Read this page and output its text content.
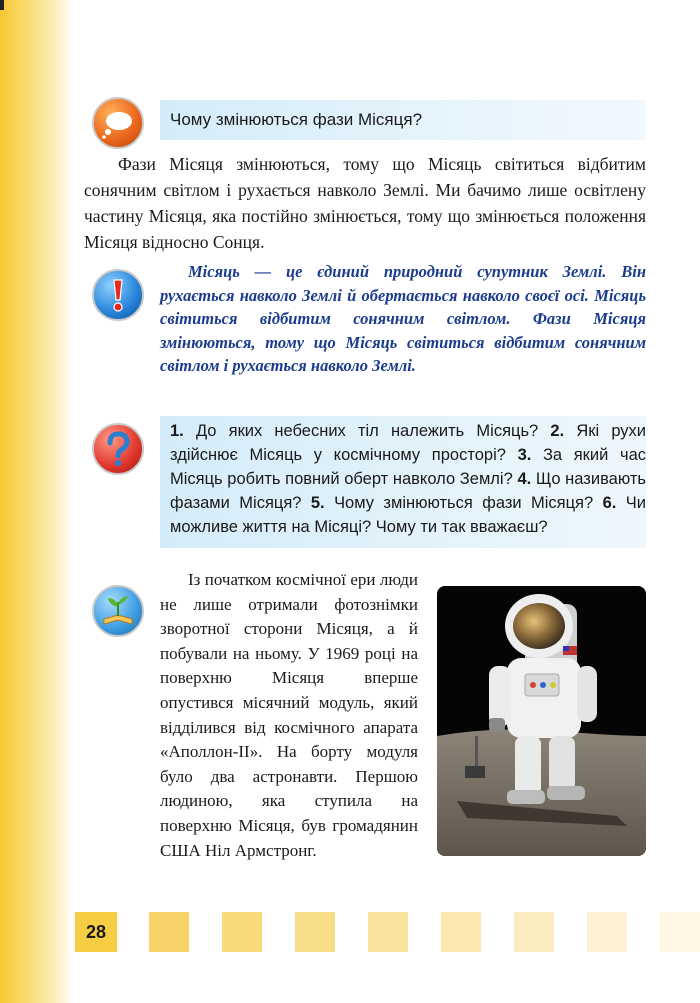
Чому змінюються фази Місяця?
Фази Місяця змінюються, тому що Місяць світиться відбитим сонячним світлом і рухається навколо Землі. Ми бачимо лише освітлену частину Місяця, яка постійно змінюється, тому що змінюється положення Місяця відносно Сонця.
Місяць — це єдиний природний супутник Землі. Він рухається навколо Землі й обертається навколо своєї осі. Місяць світиться відбитим сонячним світлом. Фази Місяця змінюються, тому що Місяць світиться відбитим сонячним світлом і рухається навколо Землі.
1. До яких небесних тіл належить Місяць? 2. Які рухи здійснює Місяць у космічному просторі? 3. За який час Місяць робить повний оберт навколо Землі? 4. Що називають фазами Місяця? 5. Чому змінюються фази Місяця? 6. Чи можливе життя на Місяці? Чому ти так вважаєш?
Із початком космічної ери люди не лише отримали фотознімки зворотної сторони Місяця, а й побували на ньому. У 1969 році на поверхню Місяця вперше опустився місячний модуль, який відділився від космічного апарата «Аполлон-ІІ». На борту модуля було два астронавти. Першою людиною, яка ступила на поверхню Місяця, був громадянин США Ніл Армстронг.
28
